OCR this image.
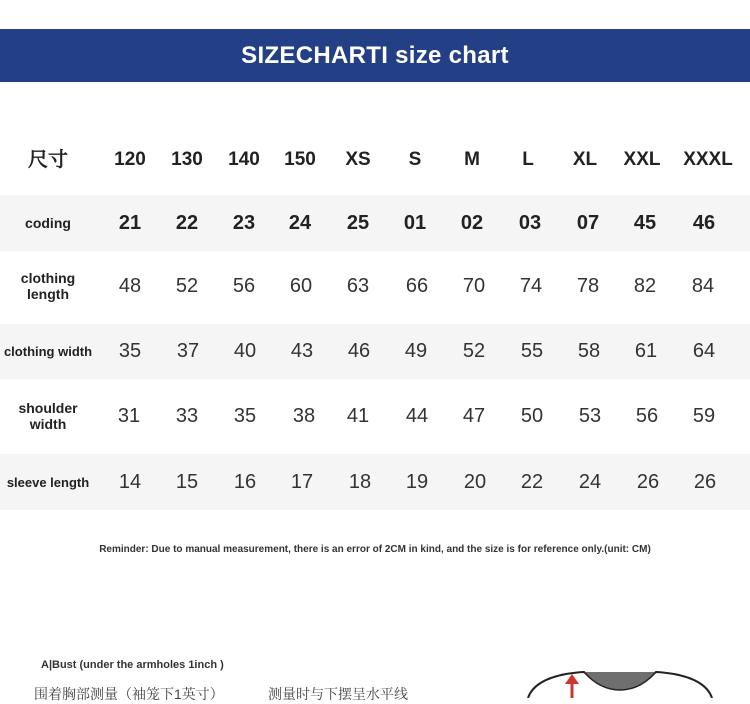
SIZECHARTI size chart
尺寸	120	130	140	150	XS	S	M	L	XL	XXL	XXXL
coding	21	22	23	24	25	01	02	03	07	45	46
clothing length	48	52	56	60	63	66	70	74	78	82	84
clothing width	35	37	40	43	46	49	52	55	58	61	64
shoulder width	31	33	35	38	41	44	47	50	53	56	59
sleeve length	14	15	16	17	18	19	20	22	24	26	26
Reminder: Due to manual measurement, there is an error of 2CM in kind, and the size is for reference only.(unit: CM)
A|Bust (under the armholes 1inch )
围着胸部测量（袖笼下1英寸）	测量时与下摆呈水平线
